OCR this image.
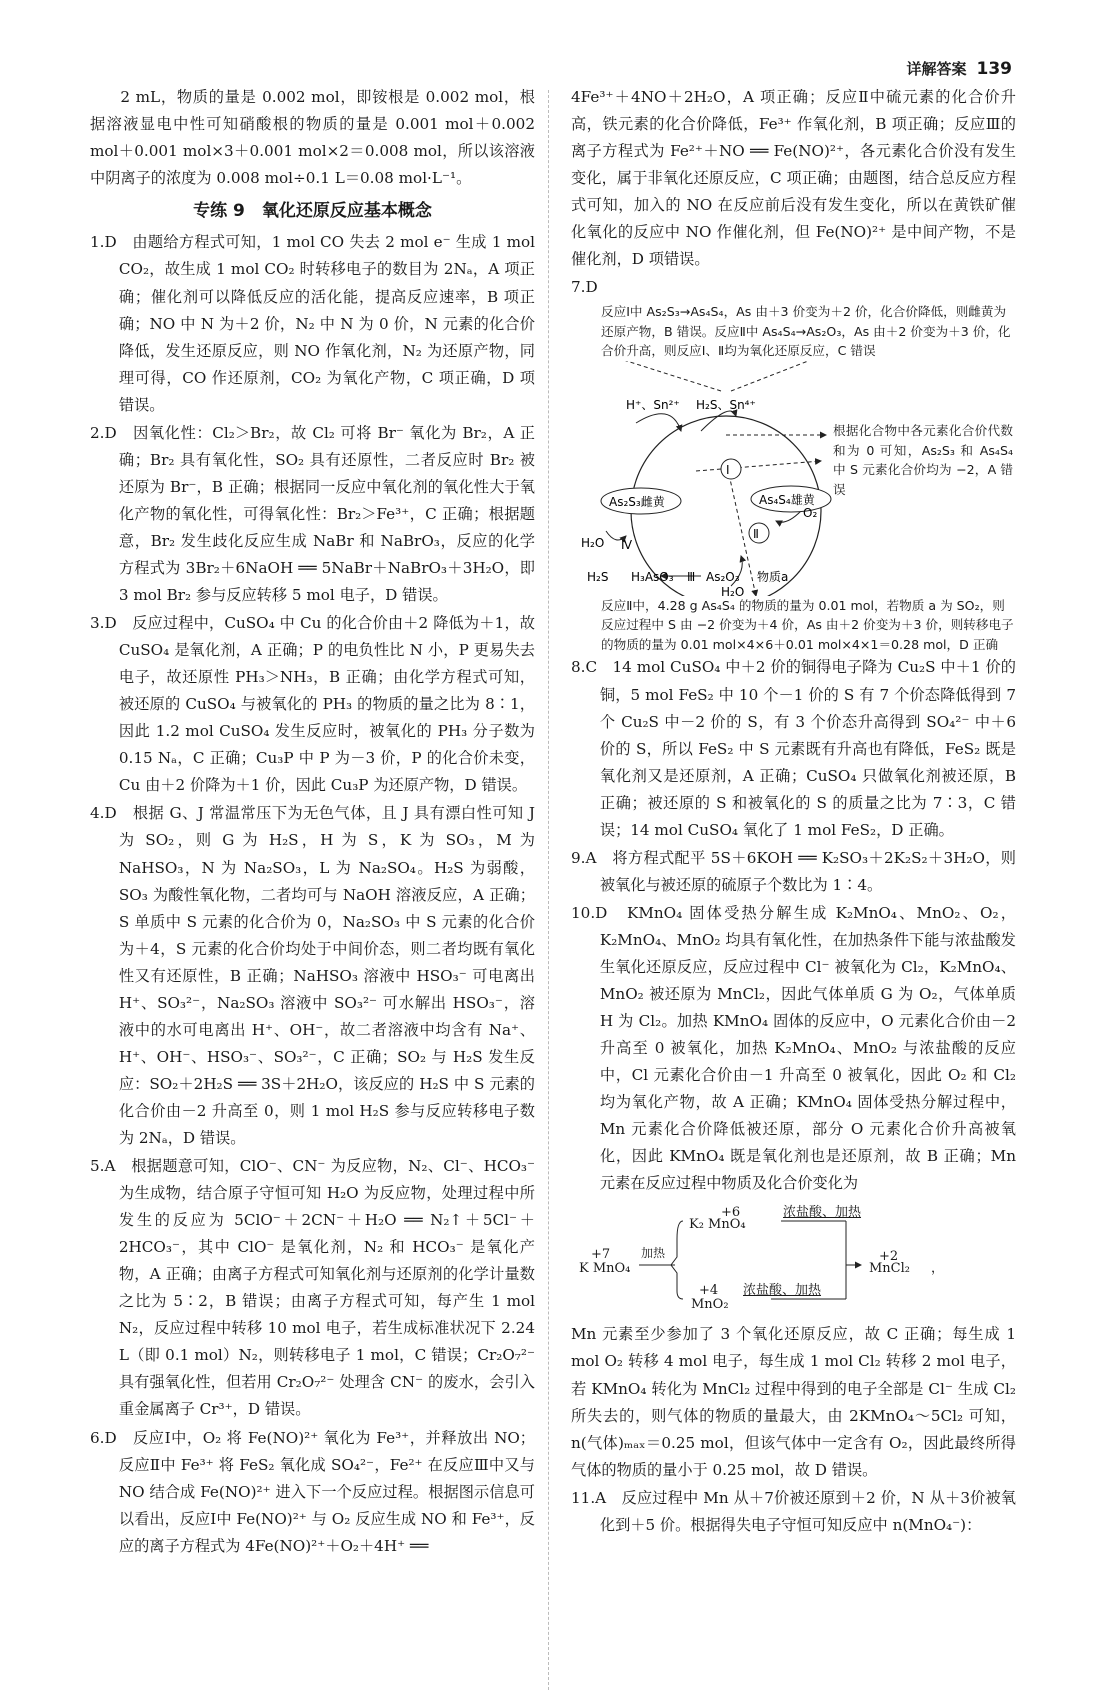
详解答案 139

2 mL，物质的量是 0.002 mol，即铵根是 0.002 mol，根据溶液显电中性可知硝酸根的物质的量是 0.001 mol＋0.002 mol＋0.001 mol×3＋0.001 mol×2＝0.008 mol，所以该溶液中阴离子的浓度为 0.008 mol÷0.1 L＝0.08 mol·L⁻¹。

专练 9　氧化还原反应基本概念

1.D　由题给方程式可知，1 mol CO 失去 2 mol e⁻ 生成 1 mol CO₂，故生成 1 mol CO₂ 时转移电子的数目为 2Nₐ，A 项正确；催化剂可以降低反应的活化能，提高反应速率，B 项正确；NO 中 N 为＋2 价，N₂ 中 N 为 0 价，N 元素的化合价降低，发生还原反应，则 NO 作氧化剂，N₂ 为还原产物，同理可得，CO 作还原剂，CO₂ 为氧化产物，C 项正确，D 项错误。

2.D　因氧化性：Cl₂＞Br₂，故 Cl₂ 可将 Br⁻ 氧化为 Br₂，A 正确；Br₂ 具有氧化性，SO₂ 具有还原性，二者反应时 Br₂ 被还原为 Br⁻，B 正确；根据同一反应中氧化剂的氧化性大于氧化产物的氧化性，可得氧化性：Br₂＞Fe³⁺，C 正确；根据题意，Br₂ 发生歧化反应生成 NaBr 和 NaBrO₃，反应的化学方程式为 3Br₂＋6NaOH ══ 5NaBr＋NaBrO₃＋3H₂O，即 3 mol Br₂ 参与反应转移 5 mol 电子，D 错误。

3.D　反应过程中，CuSO₄ 中 Cu 的化合价由＋2 降低为＋1，故 CuSO₄ 是氧化剂，A 正确；P 的电负性比 N 小，P 更易失去电子，故还原性 PH₃＞NH₃，B 正确；由化学方程式可知，被还原的 CuSO₄ 与被氧化的 PH₃ 的物质的量之比为 8∶1，因此 1.2 mol CuSO₄ 发生反应时，被氧化的 PH₃ 分子数为 0.15 Nₐ，C 正确；Cu₃P 中 P 为－3 价，P 的化合价未变，Cu 由＋2 价降为＋1 价，因此 Cu₃P 为还原产物，D 错误。

4.D　根据 G、J 常温常压下为无色气体，且 J 具有漂白性可知 J 为 SO₂，则 G 为 H₂S，H 为 S，K 为 SO₃，M 为 NaHSO₃，N 为 Na₂SO₃，L 为 Na₂SO₄。H₂S 为弱酸，SO₃ 为酸性氧化物，二者均可与 NaOH 溶液反应，A 正确；S 单质中 S 元素的化合价为 0，Na₂SO₃ 中 S 元素的化合价为＋4，S 元素的化合价均处于中间价态，则二者均既有氧化性又有还原性，B 正确；NaHSO₃ 溶液中 HSO₃⁻ 可电离出 H⁺、SO₃²⁻，Na₂SO₃ 溶液中 SO₃²⁻ 可水解出 HSO₃⁻，溶液中的水可电离出 H⁺、OH⁻，故二者溶液中均含有 Na⁺、H⁺、OH⁻、HSO₃⁻、SO₃²⁻，C 正确；SO₂ 与 H₂S 发生反应：SO₂＋2H₂S ══ 3S＋2H₂O，该反应的 H₂S 中 S 元素的化合价由－2 升高至 0，则 1 mol H₂S 参与反应转移电子数为 2Nₐ，D 错误。

5.A　根据题意可知，ClO⁻、CN⁻ 为反应物，N₂、Cl⁻、HCO₃⁻ 为生成物，结合原子守恒可知 H₂O 为反应物，处理过程中所发生的反应为 5ClO⁻＋2CN⁻＋H₂O ══ N₂↑＋5Cl⁻＋2HCO₃⁻，其中 ClO⁻ 是氧化剂，N₂ 和 HCO₃⁻ 是氧化产物，A 正确；由离子方程式可知氧化剂与还原剂的化学计量数之比为 5∶2，B 错误；由离子方程式可知，每产生 1 mol N₂，反应过程中转移 10 mol 电子，若生成标准状况下 2.24 L（即 0.1 mol）N₂，则转移电子 1 mol，C 错误；Cr₂O₇²⁻ 具有强氧化性，但若用 Cr₂O₇²⁻ 处理含 CN⁻ 的废水，会引入重金属离子 Cr³⁺，D 错误。

6.D　反应Ⅰ中，O₂ 将 Fe(NO)²⁺ 氧化为 Fe³⁺，并释放出 NO；反应Ⅱ中 Fe³⁺ 将 FeS₂ 氧化成 SO₄²⁻，Fe²⁺ 在反应Ⅲ中又与 NO 结合成 Fe(NO)²⁺ 进入下一个反应过程。根据图示信息可以看出，反应Ⅰ中 Fe(NO)²⁺ 与 O₂ 反应生成 NO 和 Fe³⁺，反应的离子方程式为 4Fe(NO)²⁺＋O₂＋4H⁺ ══

4Fe³⁺＋4NO＋2H₂O，A 项正确；反应Ⅱ中硫元素的化合价升高，铁元素的化合价降低，Fe³⁺ 作氧化剂，B 项正确；反应Ⅲ的离子方程式为 Fe²⁺＋NO ══ Fe(NO)²⁺，各元素化合价没有发生变化，属于非氧化还原反应，C 项正确；由题图，结合总反应方程式可知，加入的 NO 在反应前后没有发生变化，所以在黄铁矿催化氧化的反应中 NO 作催化剂，但 Fe(NO)²⁺ 是中间产物，不是催化剂，D 项错误。

7.D

反应Ⅰ中 As₂S₃→As₄S₄，As 由＋3 价变为＋2 价，化合价降低，则雌黄为还原产物，B 错误。反应Ⅱ中 As₄S₄→As₂O₃，As 由＋2 价变为＋3 价，化合价升高，则反应Ⅰ、Ⅱ均为氧化还原反应，C 错误
H⁺、Sn²⁺ H₂S、Sn⁴⁺
Ⅰ
Ⅱ
Ⅲ
Ⅳ
As₂S₃雌黄	As₄S₄雄黄
H₂O
H₂S H₃AsO₃	As₂O₃
O₂
物质a
H₂O
根据化合物中各元素化合价代数和为 0 可知，As₂S₃ 和 As₄S₄ 中 S 元素化合价均为 −2，A 错误
反应Ⅱ中，4.28 g As₄S₄ 的物质的量为 0.01 mol，若物质 a 为 SO₂，则反应过程中 S 由 −2 价变为＋4 价，As 由＋2 价变为＋3 价，则转移电子的物质的量为 0.01 mol×4×6＋0.01 mol×4×1＝0.28 mol，D 正确

8.C　14 mol CuSO₄ 中＋2 价的铜得电子降为 Cu₂S 中＋1 价的铜，5 mol FeS₂ 中 10 个－1 价的 S 有 7 个价态降低得到 7 个 Cu₂S 中－2 价的 S，有 3 个价态升高得到 SO₄²⁻ 中＋6 价的 S，所以 FeS₂ 中 S 元素既有升高也有降低，FeS₂ 既是氧化剂又是还原剂，A 正确；CuSO₄ 只做氧化剂被还原，B 正确；被还原的 S 和被氧化的 S 的质量之比为 7∶3，C 错误；14 mol CuSO₄ 氧化了 1 mol FeS₂，D 正确。

9.A　将方程式配平 5S＋6KOH ══ K₂SO₃＋2K₂S₂＋3H₂O，则被氧化与被还原的硫原子个数比为 1∶4。

10.D　KMnO₄ 固体受热分解生成 K₂MnO₄、MnO₂、O₂，K₂MnO₄、MnO₂ 均具有氧化性，在加热条件下能与浓盐酸发生氧化还原反应，反应过程中 Cl⁻ 被氧化为 Cl₂，K₂MnO₄、MnO₂ 被还原为 MnCl₂，因此气体单质 G 为 O₂，气体单质 H 为 Cl₂。加热 KMnO₄ 固体的反应中，O 元素化合价由－2 升高至 0 被氧化，加热 K₂MnO₄、MnO₂ 与浓盐酸的反应中，Cl 元素化合价由－1 升高至 0 被氧化，因此 O₂ 和 Cl₂ 均为氧化产物，故 A 正确；KMnO₄ 固体受热分解过程中，Mn 元素化合价降低被还原，部分 O 元素化合价升高被氧化，因此 KMnO₄ 既是氧化剂也是还原剂，故 B 正确；Mn 元素在反应过程中物质及化合价变化为

+7
K MnO₄
加热
+6
K₂ MnO₄
+4
MnO₂
浓盐酸、加热
浓盐酸、加热
+2
MnCl₂ ，

Mn 元素至少参加了 3 个氧化还原反应，故 C 正确；每生成 1 mol O₂ 转移 4 mol 电子，每生成 1 mol Cl₂ 转移 2 mol 电子，若 KMnO₄ 转化为 MnCl₂ 过程中得到的电子全部是 Cl⁻ 生成 Cl₂ 所失去的，则气体的物质的量最大，由 2KMnO₄～5Cl₂ 可知，n(气体)ₘₐₓ＝0.25 mol，但该气体中一定含有 O₂，因此最终所得气体的物质的量小于 0.25 mol，故 D 错误。

11.A　反应过程中 Mn 从＋7价被还原到＋2 价，N 从＋3价被氧化到＋5 价。根据得失电子守恒可知反应中 n(MnO₄⁻)：
